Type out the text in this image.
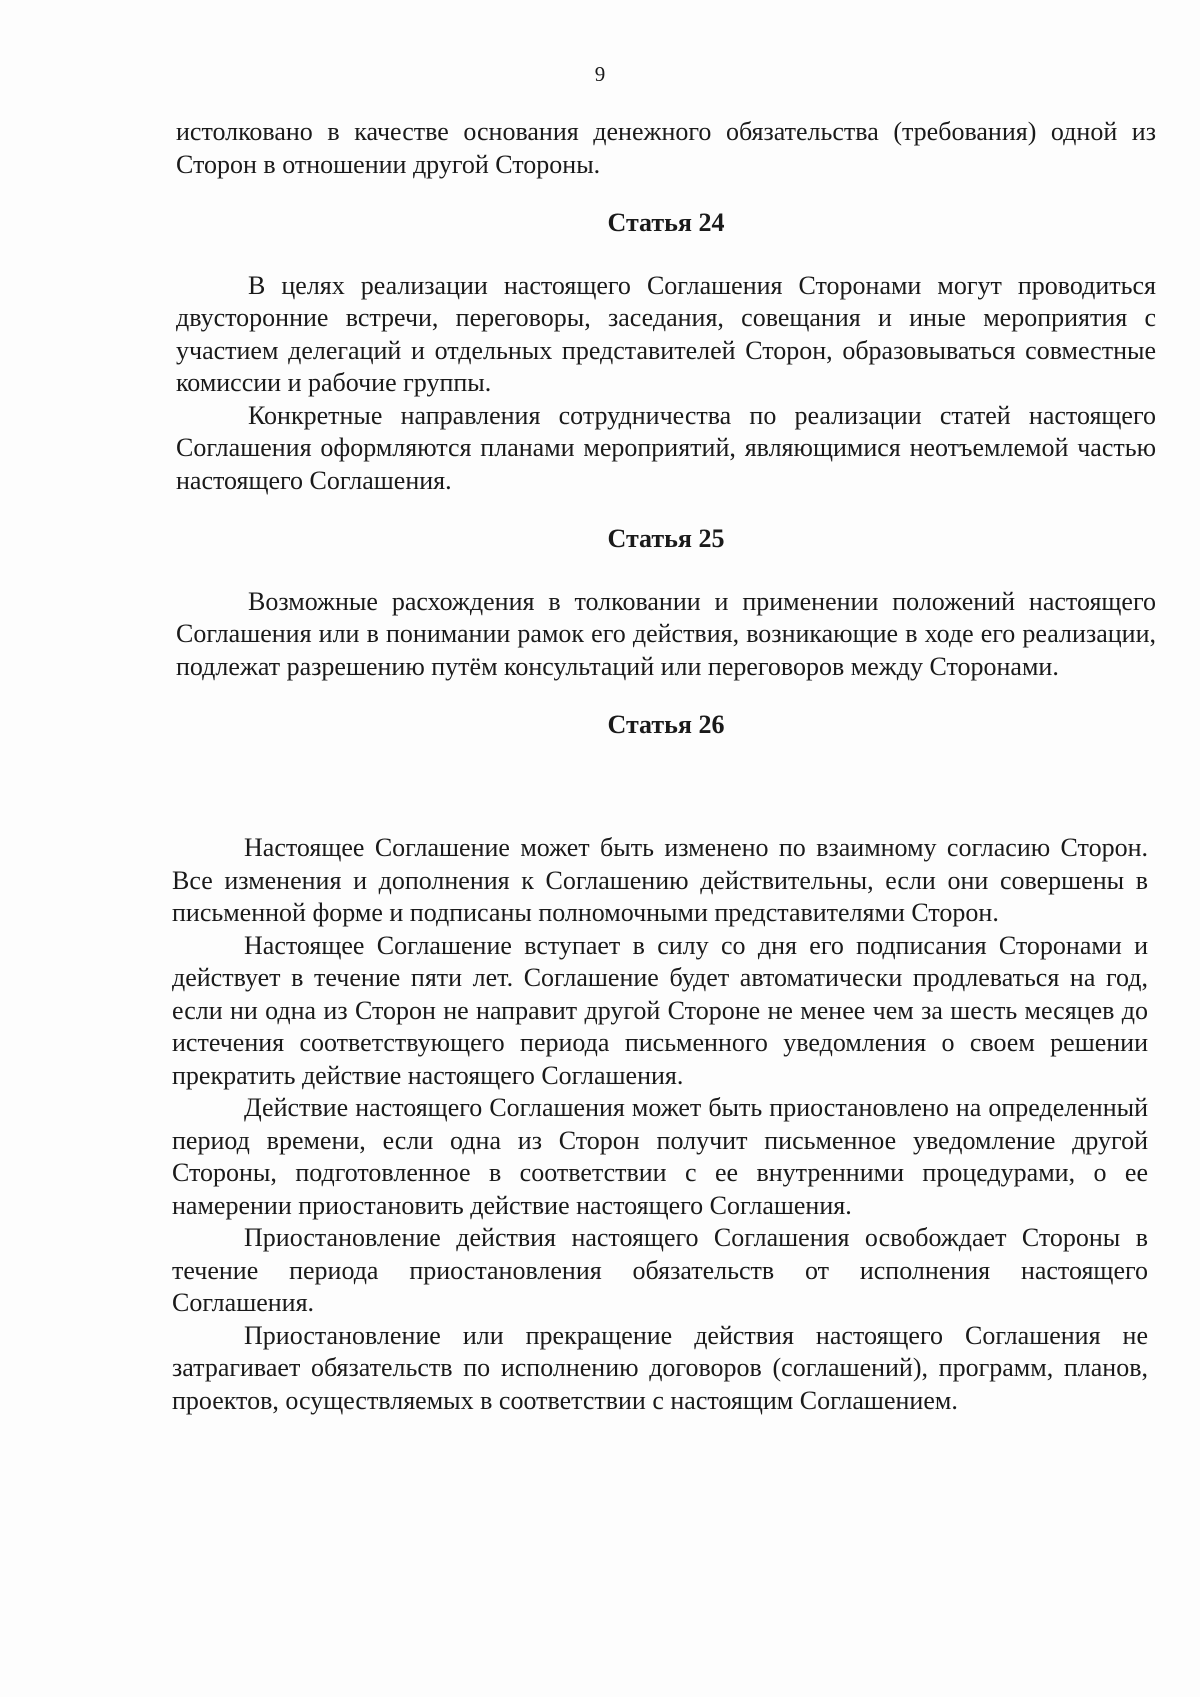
9

истолковано в качестве основания денежного обязательства (требования) одной из Сторон в отношении другой Стороны.

Статья 24

В целях реализации настоящего Соглашения Сторонами могут проводиться двусторонние встречи, переговоры, заседания, совещания и иные мероприятия с участием делегаций и отдельных представителей Сторон, образовываться совместные комиссии и рабочие группы.

Конкретные направления сотрудничества по реализации статей настоящего Соглашения оформляются планами мероприятий, являющимися неотъемлемой частью настоящего Соглашения.

Статья 25

Возможные расхождения в толковании и применении положений настоящего Соглашения или в понимании рамок его действия, возникающие в ходе его реализации, подлежат разрешению путём консультаций или переговоров между Сторонами.

Статья 26

Настоящее Соглашение может быть изменено по взаимному согласию Сторон. Все изменения и дополнения к Соглашению действительны, если они совершены в письменной форме и подписаны полномочными представителями Сторон.

Настоящее Соглашение вступает в силу со дня его подписания Сторонами и действует в течение пяти лет. Соглашение будет автоматически продлеваться на год, если ни одна из Сторон не направит другой Стороне не менее чем за шесть месяцев до истечения соответствующего периода письменного уведомления о своем решении прекратить действие настоящего Соглашения.

Действие настоящего Соглашения может быть приостановлено на определенный период времени, если одна из Сторон получит письменное уведомление другой Стороны, подготовленное в соответствии с ее внутренними процедурами, о ее намерении приостановить действие настоящего Соглашения.

Приостановление действия настоящего Соглашения освобождает Стороны в течение периода приостановления обязательств от исполнения настоящего Соглашения.

Приостановление или прекращение действия настоящего Соглашения не затрагивает обязательств по исполнению договоров (соглашений), программ, планов, проектов, осуществляемых в соответствии с настоящим Соглашением.
